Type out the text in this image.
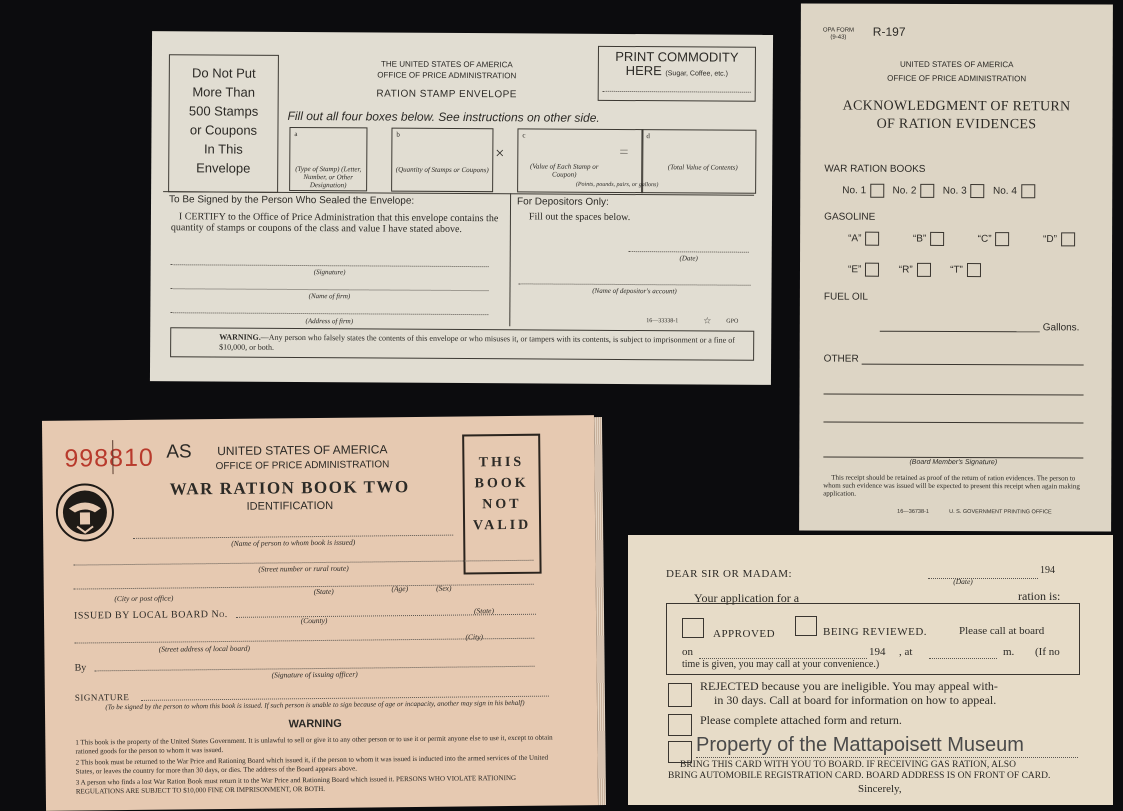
Do Not Put
More Than
500 Stamps
or Coupons
In This
Envelope
THE UNITED STATES OF AMERICA
OFFICE OF PRICE ADMINISTRATION
RATION STAMP ENVELOPE
PRINT COMMODITY
HERE (Sugar, Coffee, etc.)
Fill out all four boxes below. See instructions on other side.
a
(Type of Stamp) (Letter, Number, or Other Designation)
b
(Quantity of Stamps or Coupons)
×
c
(Value of Each Stamp or Coupon)
=
d
(Total Value of Contents)
(Points, pounds, pairs, or gallons)
To Be Signed by the Person Who Sealed the Envelope:
I CERTIFY to the Office of Price Administration that this envelope contains the quantity of stamps or coupons of the class and value I have stated above.
(Signature)
(Name of firm)
(Address of firm)
For Depositors Only:
Fill out the spaces below.
(Date)
(Name of depositor's account)
16—33338-1	☆ GPO
WARNING.—Any person who falsely states the contents of this envelope or who misuses it, or tampers with its contents, is subject to imprisonment or a fine of $10,000, or both.
OPA FORM
(9-43)	R-197
UNITED STATES OF AMERICA
OFFICE OF PRICE ADMINISTRATION
ACKNOWLEDGMENT OF RETURN
OF RATION EVIDENCES
WAR RATION BOOKS
No. 1	No. 2	No. 3	No. 4
GASOLINE
“A”	“B”	“C”	“D”
“E”	“R”	“T”
FUEL OIL
Gallons.
OTHER
(Board Member's Signature)
This receipt should be retained as proof of the return of ration evidences. The person to whom such evidence was issued will be expected to present this receipt when again making application.
16—36738-1	U. S. GOVERNMENT PRINTING OFFICE
998810 AS	UNITED STATES OF AMERICA
OFFICE OF PRICE ADMINISTRATION
WAR RATION BOOK TWO
IDENTIFICATION
THIS
BOOK
NOT
VALID
(Name of person to whom book is issued)
(Street number or rural route)
(City or post office)
(State)	(Age)	(Sex)
ISSUED BY LOCAL BOARD No.	(County)
(State)
(Street address of local board)
(City)
By
(Signature of issuing officer)
SIGNATURE
(To be signed by the person to whom this book is issued. If such person is unable to sign because of age or incapacity, another may sign in his behalf)
WARNING
1 This book is the property of the United States Government. It is unlawful to sell or give it to any other person or to use it or permit anyone else to use it, except to obtain rationed goods for the person to whom it was issued.
2 This book must be returned to the War Price and Rationing Board which issued it, if the person to whom it was issued is inducted into the armed services of the United States, or leaves the country for more than 30 days, or dies. The address of the Board appears above.
3 A person who finds a lost War Ration Book must return it to the War Price and Rationing Board which issued it. PERSONS WHO VIOLATE RATIONING REGULATIONS ARE SUBJECT TO $10,000 FINE OR IMPRISONMENT, OR BOTH.
DEAR SIR OR MADAM:	194
(Date)
Your application for a	ration is:
APPROVED	BEING REVIEWED.	Please call at board
on	194 , at	m. (If no
time is given, you may call at your convenience.)
REJECTED because you are ineligible. You may appeal with-
in 30 days. Call at board for information on how to appeal.
Please complete attached form and return.
Property of the Mattapoisett Museum
BRING THIS CARD WITH YOU TO BOARD. IF RECEIVING GAS RATION, ALSO
BRING AUTOMOBILE REGISTRATION CARD. BOARD ADDRESS IS ON FRONT OF CARD.
Sincerely,
